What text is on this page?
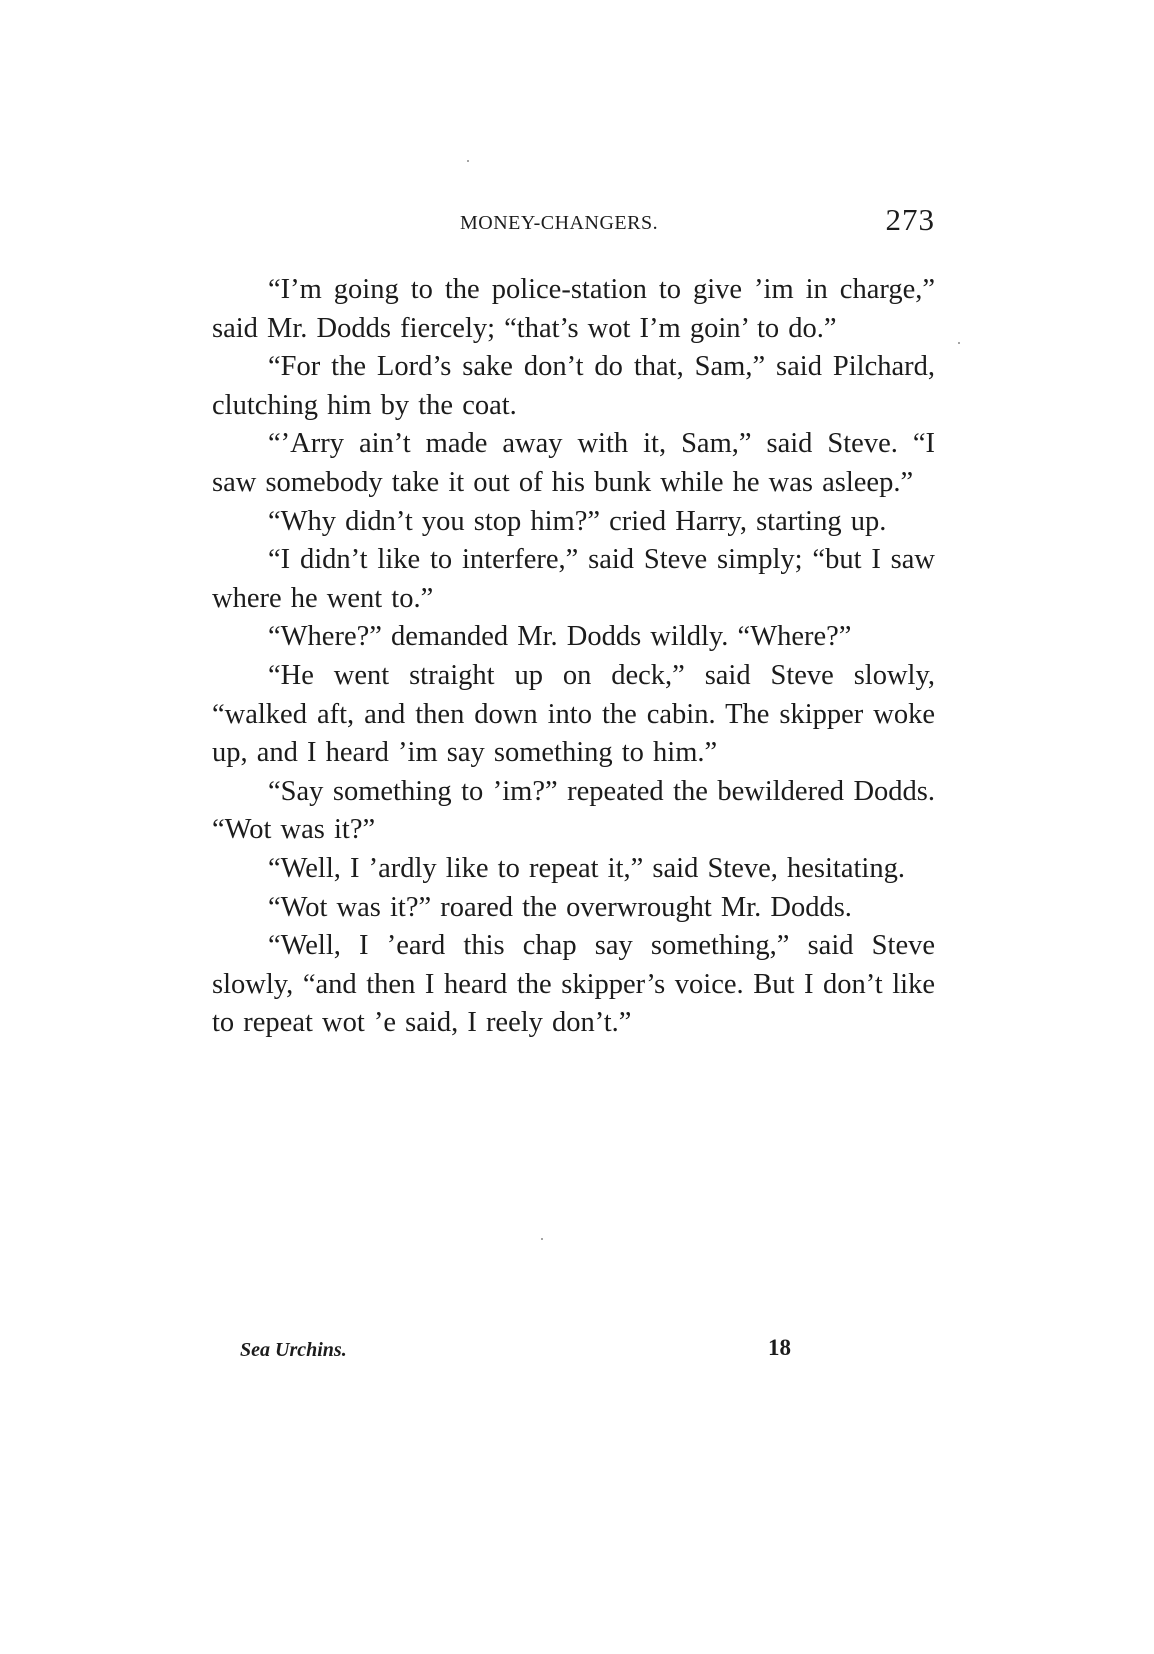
MONEY-CHANGERS.	273

“I’m going to the police-station to give ’im in charge,” said Mr. Dodds fiercely; “that’s wot I’m goin’ to do.”

“For the Lord’s sake don’t do that, Sam,” said Pilchard, clutching him by the coat.

“’Arry ain’t made away with it, Sam,” said Steve. “I saw somebody take it out of his bunk while he was asleep.”

“Why didn’t you stop him?” cried Harry, starting up.

“I didn’t like to interfere,” said Steve simply; “but I saw where he went to.”

“Where?” demanded Mr. Dodds wildly. “Where?”

“He went straight up on deck,” said Steve slowly, “walked aft, and then down into the cabin. The skipper woke up, and I heard ’im say something to him.”

“Say something to ’im?” repeated the bewildered Dodds. “Wot was it?”

“Well, I ’ardly like to repeat it,” said Steve, hesitating.

“Wot was it?” roared the overwrought Mr. Dodds.

“Well, I ’eard this chap say something,” said Steve slowly, “and then I heard the skipper’s voice. But I don’t like to repeat wot ’e said, I reely don’t.”

Sea Urchins.	18
